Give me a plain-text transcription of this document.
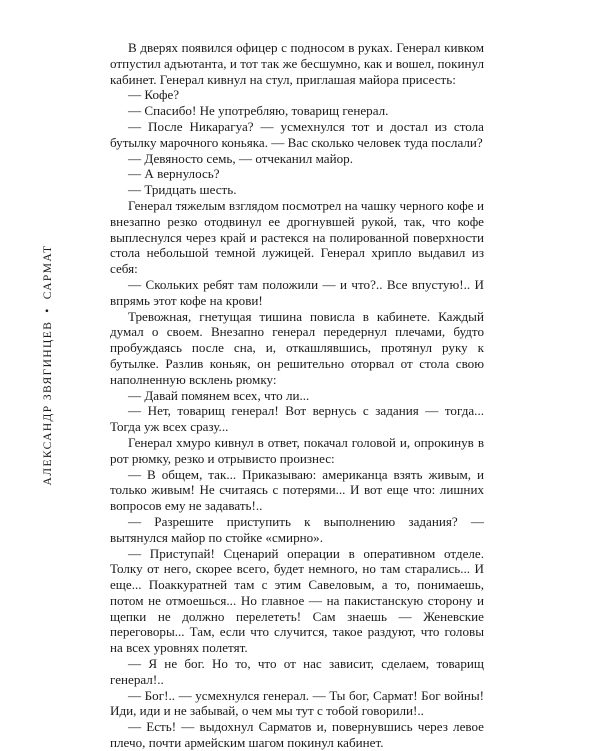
АЛЕКСАНДР ЗВЯГИНЦЕВ•САРМАТ

В дверях появился офицер с подносом в руках. Генерал кивком отпустил адъютанта, и тот так же бесшумно, как и вошел, покинул кабинет. Генерал кивнул на стул, приглашая майора присесть:

— Кофе?

— Спасибо! Не употребляю, товарищ генерал.

— После Никарагуа? — усмехнулся тот и достал из стола бутылку марочного коньяка. — Вас сколько человек туда послали?

— Девяносто семь, — отчеканил майор.

— А вернулось?

— Тридцать шесть.

Генерал тяжелым взглядом посмотрел на чашку черного кофе и внезапно резко отодвинул ее дрогнувшей рукой, так, что кофе выплеснулся через край и растекся на полированной поверхности стола небольшой темной лужицей. Генерал хрипло выдавил из себя:

— Скольких ребят там положили — и что?.. Все впустую!.. И впрямь этот кофе на крови!

Тревожная, гнетущая тишина повисла в кабинете. Каждый думал о своем. Внезапно генерал передернул плечами, будто пробуждаясь после сна, и, откашлявшись, протянул руку к бутылке. Разлив коньяк, он решительно оторвал от стола свою наполненную всклень рюмку:

— Давай помянем всех, что ли...

— Нет, товарищ генерал! Вот вернусь с задания — тогда... Тогда уж всех сразу...

Генерал хмуро кивнул в ответ, покачал головой и, опрокинув в рот рюмку, резко и отрывисто произнес:

— В общем, так... Приказываю: американца взять живым, и только живым! Не считаясь с потерями... И вот еще что: лишних вопросов ему не задавать!..

— Разрешите приступить к выполнению задания? — вытянулся майор по стойке «смирно».

— Приступай! Сценарий операции в оперативном отделе. Толку от него, скорее всего, будет немного, но там старались... И еще... Поаккуратней там с этим Савеловым, а то, понимаешь, потом не отмоешься... Но главное — на пакистанскую сторону и щепки не должно перелететь! Сам знаешь — Женевские переговоры... Там, если что случится, такое раздуют, что головы на всех уровнях полетят.

— Я не бог. Но то, что от нас зависит, сделаем, товарищ генерал!..

— Бог!.. — усмехнулся генерал. — Ты бог, Сармат! Бог войны! Иди, иди и не забывай, о чем мы тут с тобой говорили!..

— Есть! — выдохнул Сарматов и, повернувшись через левое плечо, почти армейским шагом покинул кабинет.
